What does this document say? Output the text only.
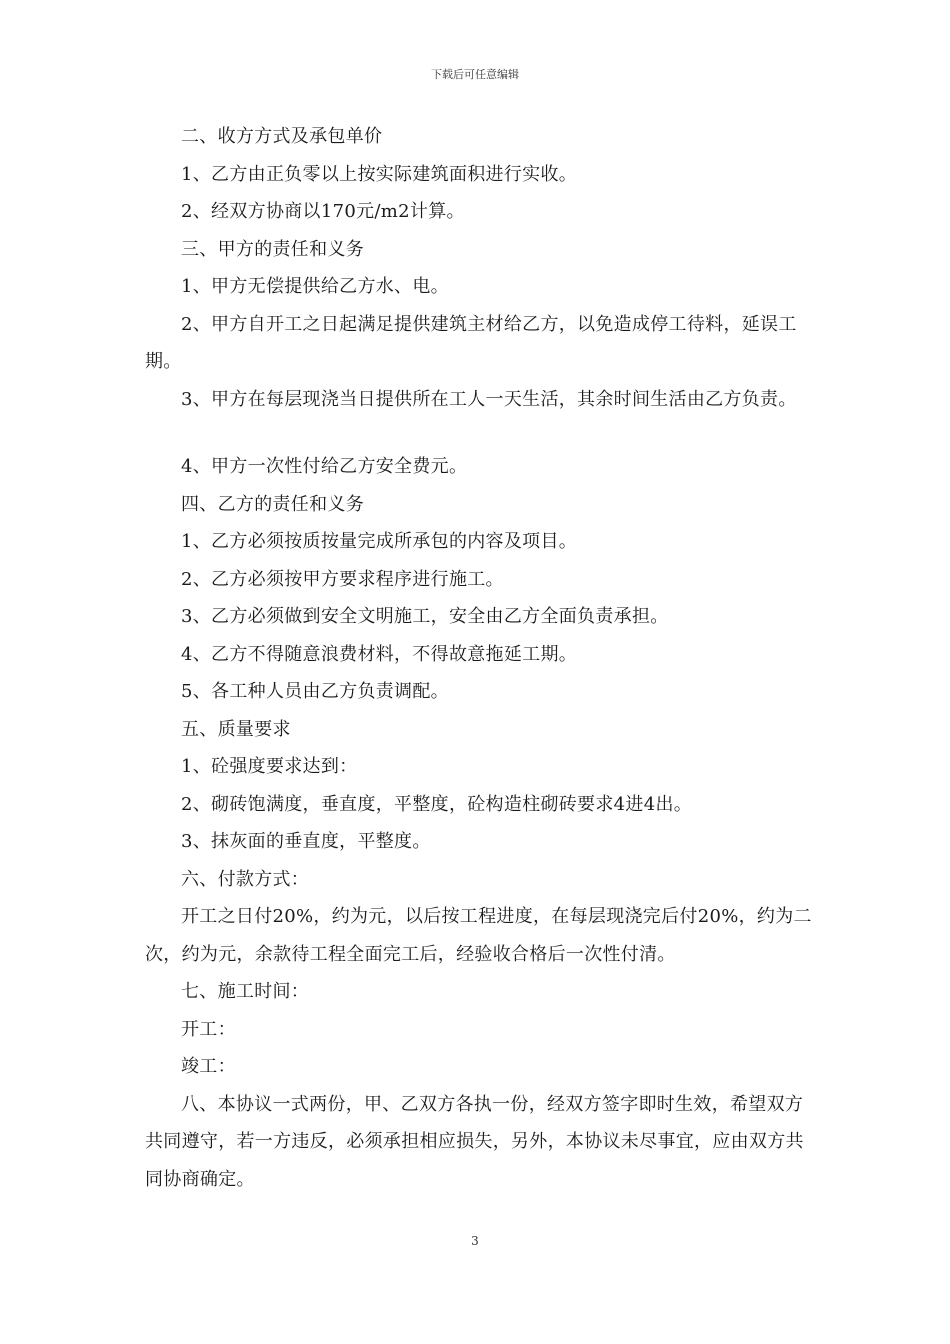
下载后可任意编辑

二、收方方式及承包单价

1、乙方由正负零以上按实际建筑面积进行实收。

2、经双方协商以170元/m2计算。

三、甲方的责任和义务

1、甲方无偿提供给乙方水、电。

2、甲方自开工之日起满足提供建筑主材给乙方，以免造成停工待料，延误工期。

3、甲方在每层现浇当日提供所在工人一天生活，其余时间生活由乙方负责。

4、甲方一次性付给乙方安全费元。

四、乙方的责任和义务

1、乙方必须按质按量完成所承包的内容及项目。

2、乙方必须按甲方要求程序进行施工。

3、乙方必须做到安全文明施工，安全由乙方全面负责承担。

4、乙方不得随意浪费材料，不得故意拖延工期。

5、各工种人员由乙方负责调配。

五、质量要求

1、砼强度要求达到：

2、砌砖饱满度，垂直度，平整度，砼构造柱砌砖要求4进4出。

3、抹灰面的垂直度，平整度。

六、付款方式：

开工之日付20%，约为元，以后按工程进度，在每层现浇完后付20%，约为二次，约为元，余款待工程全面完工后，经验收合格后一次性付清。

七、施工时间：

开工：

竣工：

八、本协议一式两份，甲、乙双方各执一份，经双方签字即时生效，希望双方共同遵守，若一方违反，必须承担相应损失，另外，本协议未尽事宜，应由双方共同协商确定。

3
